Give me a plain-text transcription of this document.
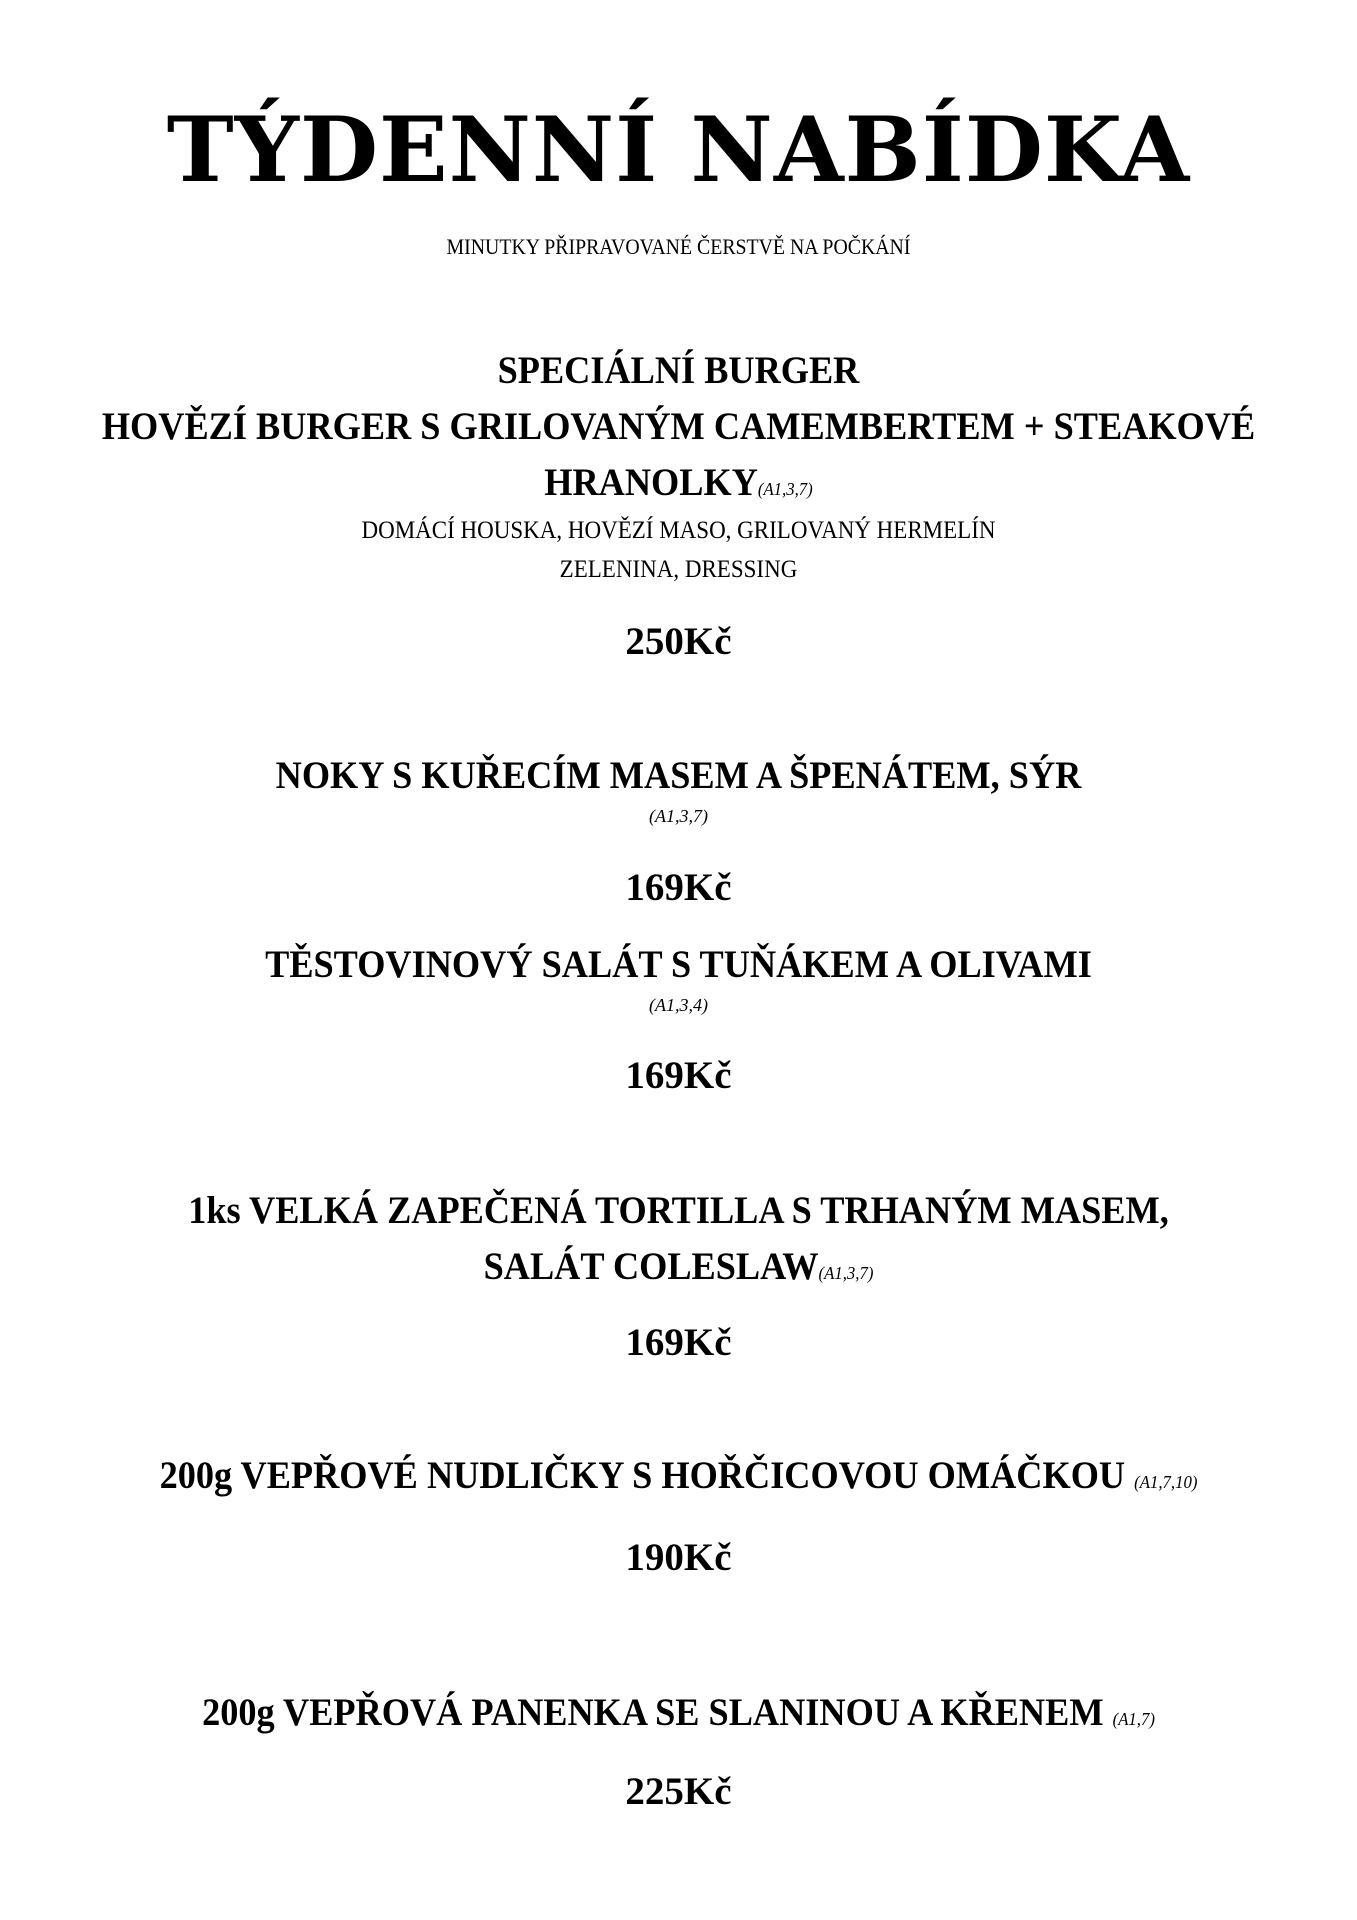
TÝDENNÍ NABÍDKA
MINUTKY PŘIPRAVOVANÉ ČERSTVĚ NA POČKÁNÍ
SPECIÁLNÍ BURGER
HOVĚZÍ BURGER S GRILOVANÝM CAMEMBERTEM + STEAKOVÉ
HRANOLKY(A1,3,7)
DOMÁCÍ HOUSKA, HOVĚZÍ MASO, GRILOVANÝ HERMELÍN
ZELENINA, DRESSING
250Kč
NOKY S KUŘECÍM MASEM A ŠPENÁTEM, SÝR
(A1,3,7)
169Kč
TĚSTOVINOVÝ SALÁT S TUŇÁKEM A OLIVAMI
(A1,3,4)
169Kč
1ks VELKÁ ZAPEČENÁ TORTILLA S TRHANÝM MASEM,
SALÁT COLESLAW(A1,3,7)
169Kč
200g VEPŘOVÉ NUDLIČKY S HOŘČICOVOU OMÁČKOU (A1,7,10)
190Kč
200g VEPŘOVÁ PANENKA SE SLANINOU A KŘENEM (A1,7)
225Kč
